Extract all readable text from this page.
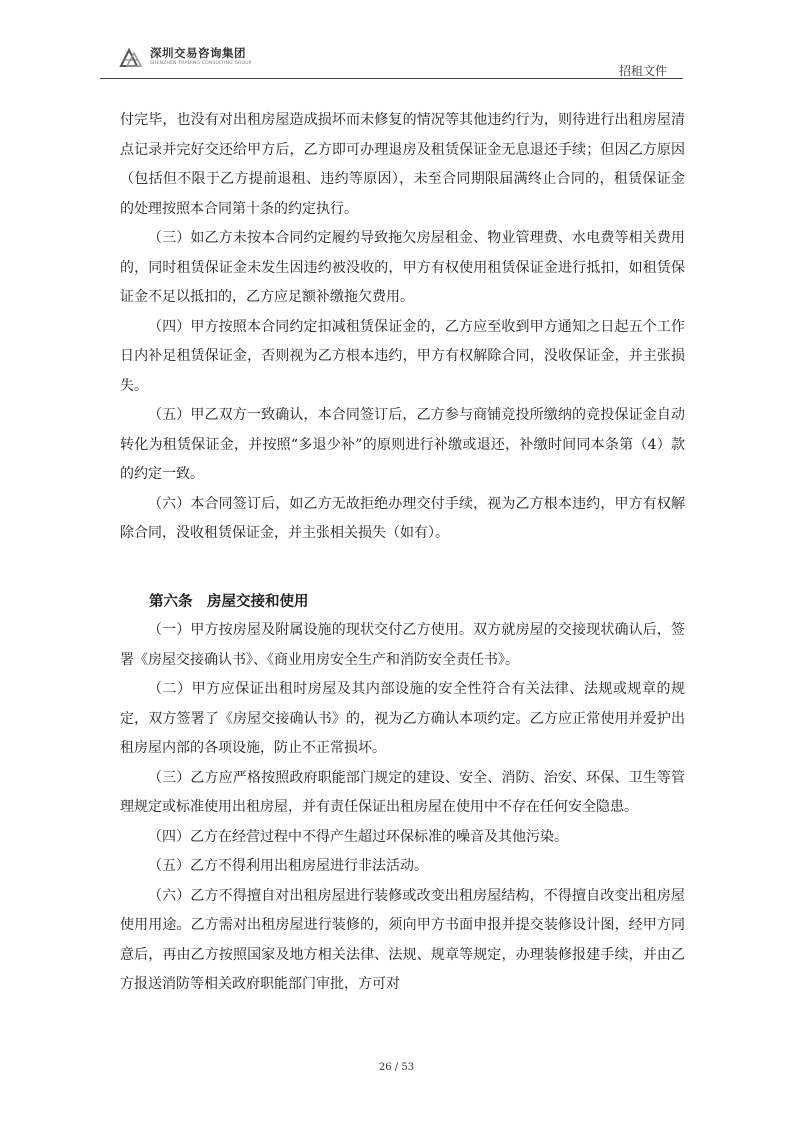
深圳交易咨询集团
SHENZHEN TRADING CONSULTING GROUP
招租文件

付完毕，也没有对出租房屋造成损坏而未修复的情况等其他违约行为，则待进行出租房屋清点记录并完好交还给甲方后，乙方即可办理退房及租赁保证金无息退还手续；但因乙方原因（包括但不限于乙方提前退租、违约等原因），未至合同期限届满终止合同的，租赁保证金的处理按照本合同第十条的约定执行。

（三）如乙方未按本合同约定履约导致拖欠房屋租金、物业管理费、水电费等相关费用的，同时租赁保证金未发生因违约被没收的，甲方有权使用租赁保证金进行抵扣，如租赁保证金不足以抵扣的，乙方应足额补缴拖欠费用。

（四）甲方按照本合同约定扣减租赁保证金的，乙方应至收到甲方通知之日起五个工作日内补足租赁保证金，否则视为乙方根本违约，甲方有权解除合同，没收保证金，并主张损失。

（五）甲乙双方一致确认，本合同签订后，乙方参与商铺竞投所缴纳的竞投保证金自动转化为租赁保证金，并按照“多退少补”的原则进行补缴或退还，补缴时间同本条第（4）款的约定一致。

（六）本合同签订后，如乙方无故拒绝办理交付手续，视为乙方根本违约，甲方有权解除合同，没收租赁保证金，并主张相关损失（如有）。

第六条　房屋交接和使用

（一）甲方按房屋及附属设施的现状交付乙方使用。双方就房屋的交接现状确认后，签署《房屋交接确认书》、《商业用房安全生产和消防安全责任书》。

（二）甲方应保证出租时房屋及其内部设施的安全性符合有关法律、法规或规章的规定，双方签署了《房屋交接确认书》的，视为乙方确认本项约定。乙方应正常使用并爱护出租房屋内部的各项设施，防止不正常损坏。

（三）乙方应严格按照政府职能部门规定的建设、安全、消防、治安、环保、卫生等管理规定或标准使用出租房屋，并有责任保证出租房屋在使用中不存在任何安全隐患。

（四）乙方在经营过程中不得产生超过环保标准的噪音及其他污染。

（五）乙方不得利用出租房屋进行非法活动。

（六）乙方不得擅自对出租房屋进行装修或改变出租房屋结构，不得擅自改变出租房屋使用用途。乙方需对出租房屋进行装修的，须向甲方书面申报并提交装修设计图，经甲方同意后，再由乙方按照国家及地方相关法律、法规、规章等规定，办理装修报建手续，并由乙方报送消防等相关政府职能部门审批，方可对

26 / 53
